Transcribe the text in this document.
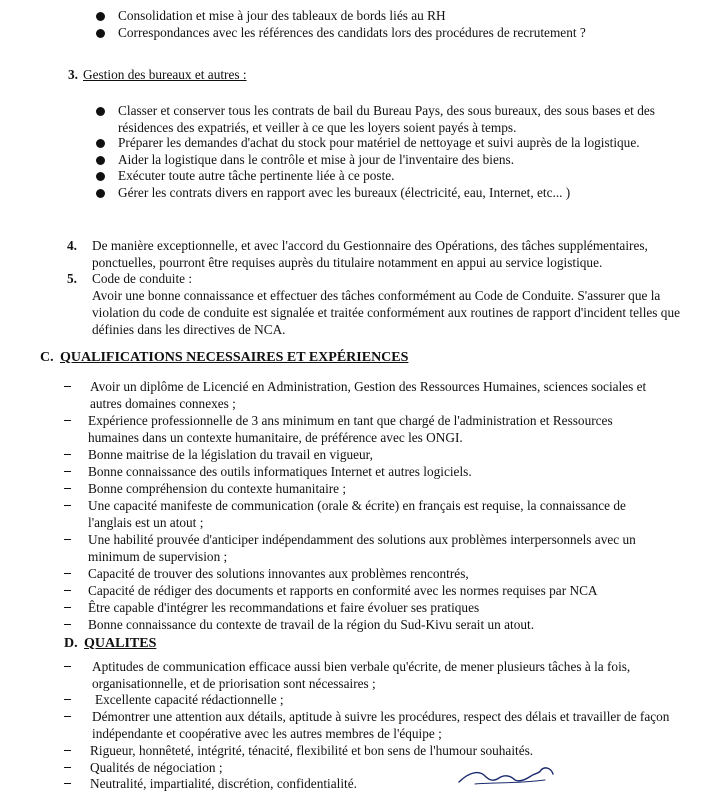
Consolidation et mise à jour des tableaux de bords liés au RH
Correspondances avec les références des candidats lors des procédures de recrutement ?
3. Gestion des bureaux et autres :
Classer et conserver tous les contrats de bail du Bureau Pays, des sous bureaux, des sous bases et des résidences des expatriés, et veiller à ce que les loyers soient payés à temps.
Préparer les demandes d'achat du stock pour matériel de nettoyage et suivi auprès de la logistique.
Aider la logistique dans le contrôle et mise à jour de l'inventaire des biens.
Exécuter toute autre tâche pertinente liée à ce poste.
Gérer les contrats divers en rapport avec les bureaux (électricité, eau, Internet, etc... )
4. De manière exceptionnelle, et avec l'accord du Gestionnaire des Opérations, des tâches supplémentaires, ponctuelles, pourront être requises auprès du titulaire notamment en appui au service logistique.
5. Code de conduite :
Avoir une bonne connaissance et effectuer des tâches conformément au Code de Conduite. S'assurer que la violation du code de conduite est signalée et traitée conformément aux routines de rapport d'incident telles que définies dans les directives de NCA.
C. QUALIFICATIONS NECESSAIRES ET EXPÉRIENCES
Avoir un diplôme de Licencié en Administration, Gestion des Ressources Humaines, sciences sociales et autres domaines connexes ;
Expérience professionnelle de 3 ans minimum en tant que chargé de l'administration et Ressources humaines dans un contexte humanitaire, de préférence avec les ONGI.
Bonne maitrise de la législation du travail en vigueur,
Bonne connaissance des outils informatiques Internet et autres logiciels.
Bonne compréhension du contexte humanitaire ;
Une capacité manifeste de communication (orale & écrite) en français est requise, la connaissance de l'anglais est un atout ;
Une habilité prouvée d'anticiper indépendamment des solutions aux problèmes interpersonnels avec un minimum de supervision ;
Capacité de trouver des solutions innovantes aux problèmes rencontrés,
Capacité de rédiger des documents et rapports en conformité avec les normes requises par NCA
Être capable d'intégrer les recommandations et faire évoluer ses pratiques
Bonne connaissance du contexte de travail de la région du Sud-Kivu serait un atout.
D. QUALITES
Aptitudes de communication efficace aussi bien verbale qu'écrite, de mener plusieurs tâches à la fois, organisationnelle, et de priorisation sont nécessaires ;
Excellente capacité rédactionnelle ;
Démontrer une attention aux détails, aptitude à suivre les procédures, respect des délais et travailler de façon indépendante et coopérative avec les autres membres de l'équipe ;
Rigueur, honnêteté, intégrité, ténacité, flexibilité et bon sens de l'humour souhaités.
Qualités de négociation ;
Neutralité, impartialité, discrétion, confidentialité.
